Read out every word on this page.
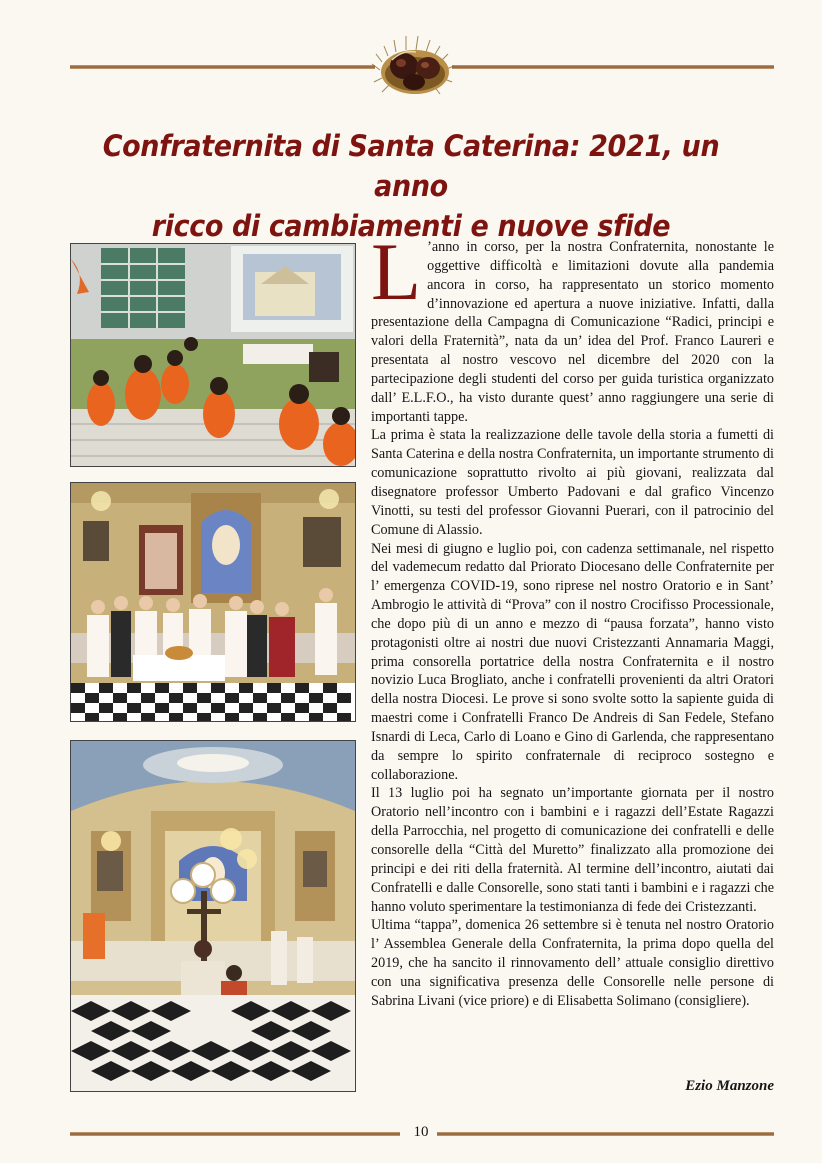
Confraternita di Santa Caterina: 2021, un anno
ricco di cambiamenti e nuove sfide

L ’anno in corso, per la nostra Confraternita, nonostante le oggettive difficoltà e limitazioni dovute alla pandemia ancora in corso, ha rappresentato un storico momento d’innovazione ed apertura a nuove iniziative. Infatti, dalla presentazione della Campagna di Comunicazione “Radici, principi e valori della Fraternità”, nata da un’ idea del Prof. Franco Laureri e presentata al nostro vescovo nel dicembre del 2020 con la partecipazione degli studenti del corso per guida turistica organizzato dall’ E.L.F.O., ha visto durante quest’ anno raggiungere una serie di importanti tappe.

La prima è stata la realizzazione delle tavole della storia a fumetti di Santa Caterina e della nostra Confraternita, un importante strumento di comunicazione soprattutto rivolto ai più giovani, realizzata dal disegnatore professor Umberto Padovani e dal grafico Vincenzo Vinotti, su testi del professor Giovanni Puerari, con il patrocinio del Comune di Alassio.

Nei mesi di giugno e luglio poi, con cadenza settimanale, nel rispetto del vademecum redatto dal Priorato Diocesano delle Confraternite per l’ emergenza COVID-19, sono riprese nel nostro Oratorio e in Sant’ Ambrogio le attività di “Prova” con il nostro Crocifisso Processionale, che dopo più di un anno e mezzo di “pausa forzata”, hanno visto protagonisti oltre ai nostri due nuovi Cristezzanti Annamaria Maggi, prima consorella portatrice della nostra Confraternita e il nostro novizio Luca Brogliato, anche i confratelli provenienti da altri Oratori della nostra Diocesi. Le prove si sono svolte sotto la sapiente guida di maestri come i Confratelli Franco De Andreis di San Fedele, Stefano Isnardi di Leca, Carlo di Loano e Gino di Garlenda, che rappresentano da sempre lo spirito confraternale di reciproco sostegno e collaborazione.

Il 13 luglio poi ha segnato un’importante giornata per il nostro Oratorio nell’incontro con i bambini e i ragazzi dell’Estate Ragazzi della Parrocchia, nel progetto di comunicazione dei confratelli e delle consorelle della “Città del Muretto” finalizzato alla promozione dei principi e dei riti della fraternità. Al termine dell’incontro, aiutati dai Confratelli e dalle Consorelle, sono stati tanti i bambini e i ragazzi che hanno voluto sperimentare la testimonianza di fede dei Cristezzanti.

Ultima “tappa”, domenica 26 settembre si è tenuta nel nostro Oratorio l’ Assemblea Generale della Confraternita, la prima dopo quella del 2019, che ha sancito il rinnovamento dell’ attuale consiglio direttivo con una significativa presenza delle Consorelle nelle persone di Sabrina Livani (vice priore) e di Elisabetta Solimano (consigliere).

Ezio Manzone
10
